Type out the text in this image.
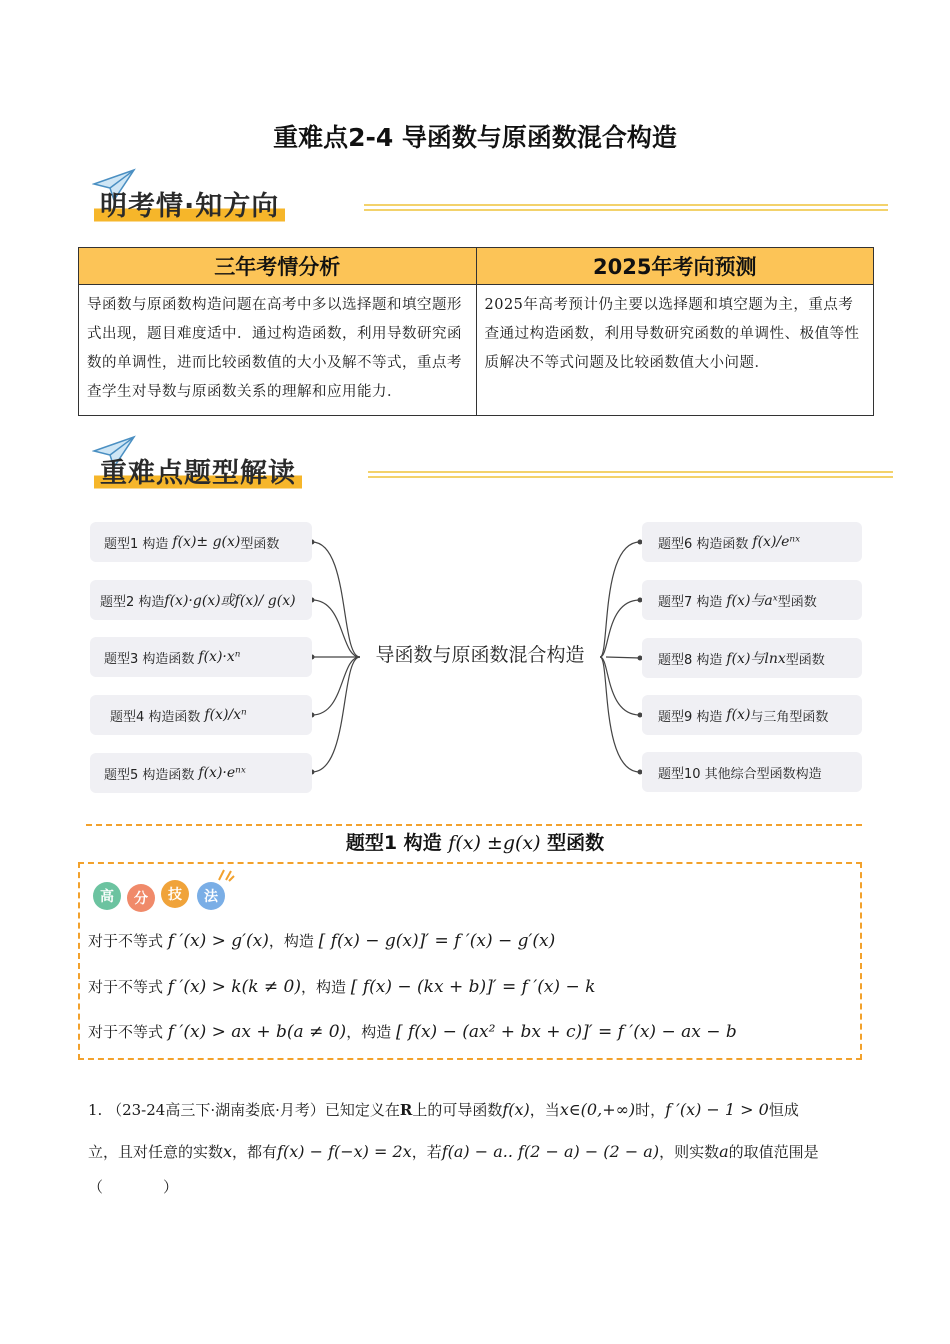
重难点2-4 导函数与原函数混合构造
明考情·知方向
三年考情分析	2025年考向预测
导函数与原函数构造问题在高考中多以选择题和填空题形式出现，题目难度适中．通过构造函数，利用导数研究函数的单调性，进而比较函数值的大小及解不等式，重点考查学生对导数与原函数关系的理解和应用能力．	2025年高考预计仍主要以选择题和填空题为主，重点考查通过构造函数，利用导数研究函数的单调性、极值等性质解决不等式问题及比较函数值大小问题．
重难点题型解读
题型1 构造 f(x)± g(x) 型函数
题型2 构造 f(x)·g(x)或f(x)/ g(x)
题型3 构造函数 f(x)·xⁿ
题型4 构造函数 f(x)/xⁿ
题型5 构造函数 f(x)·eⁿˣ
导函数与原函数混合构造
题型6 构造函数 f(x)/eⁿˣ
题型7 构造 f(x)与aˣ 型函数
题型8 构造 f(x)与lnx 型函数
题型9 构造 f(x) 与三角型函数
题型10 其他综合型函数构造
题型1 构造 f(x) ±g(x) 型函数
高	分	技	法
对于不等式 f ′(x) > g′(x)，构造 [ f(x) − g(x)]′ = f ′(x) − g′(x)
对于不等式 f ′(x) > k(k ≠ 0)，构造 [ f(x) − (kx + b)]′ = f ′(x) − k
对于不等式 f ′(x) > ax + b(a ≠ 0)，构造 [ f(x) − (ax² + bx + c)]′ = f ′(x) − ax − b
1. （23-24高三下·湖南娄底·月考）已知定义在R上的可导函数f(x)，当x∈(0,+∞)时，f ′(x) − 1 > 0恒成
立，且对任意的实数x，都有f(x) − f(−x) = 2x，若f(a) − a.. f(2 − a) − (2 − a)，则实数a的取值范围是
（　　　　）
